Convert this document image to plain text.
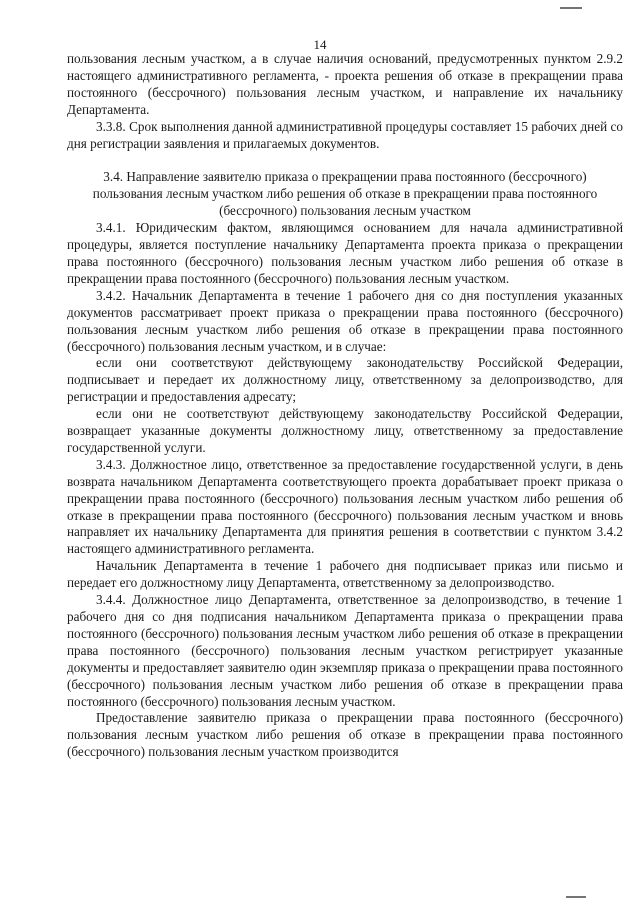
14

пользования лесным участком, а в случае наличия оснований, предусмотренных пунктом 2.9.2 настоящего административного регламента, - проекта решения об отказе в прекращении права постоянного (бессрочного) пользования лесным участком, и направление их начальнику Департамента.

3.3.8. Срок выполнения данной административной процедуры составляет 15 рабочих дней со дня регистрации заявления и прилагаемых документов.

3.4. Направление заявителю приказа о прекращении права постоянного (бессрочного) пользования лесным участком либо решения об отказе в прекращении права постоянного (бессрочного) пользования лесным участком

3.4.1. Юридическим фактом, являющимся основанием для начала административной процедуры, является поступление начальнику Департамента проекта приказа о прекращении права постоянного (бессрочного) пользования лесным участком либо решения об отказе в прекращении права постоянного (бессрочного) пользования лесным участком.

3.4.2. Начальник Департамента в течение 1 рабочего дня со дня поступления указанных документов рассматривает проект приказа о прекращении права постоянного (бессрочного) пользования лесным участком либо решения об отказе в прекращении права постоянного (бессрочного) пользования лесным участком, и в случае:

если они соответствуют действующему законодательству Российской Федерации, подписывает и передает их должностному лицу, ответственному за делопроизводство, для регистрации и предоставления адресату;

если они не соответствуют действующему законодательству Российской Федерации, возвращает указанные документы должностному лицу, ответственному за предоставление государственной услуги.

3.4.3. Должностное лицо, ответственное за предоставление государственной услуги, в день возврата начальником Департамента соответствующего проекта дорабатывает проект приказа о прекращении права постоянного (бессрочного) пользования лесным участком либо решения об отказе в прекращении права постоянного (бессрочного) пользования лесным участком и вновь направляет их начальнику Департамента для принятия решения в соответствии с пунктом 3.4.2 настоящего административного регламента.

Начальник Департамента в течение 1 рабочего дня подписывает приказ или письмо и передает его должностному лицу Департамента, ответственному за делопроизводство.

3.4.4. Должностное лицо Департамента, ответственное за делопроизводство, в течение 1 рабочего дня со дня подписания начальником Департамента приказа о прекращении права постоянного (бессрочного) пользования лесным участком либо решения об отказе в прекращении права постоянного (бессрочного) пользования лесным участком регистрирует указанные документы и предоставляет заявителю один экземпляр приказа о прекращении права постоянного (бессрочного) пользования лесным участком либо решения об отказе в прекращении права постоянного (бессрочного) пользования лесным участком.

Предоставление заявителю приказа о прекращении права постоянного (бессрочного) пользования лесным участком либо решения об отказе в прекращении права постоянного (бессрочного) пользования лесным участком производится
